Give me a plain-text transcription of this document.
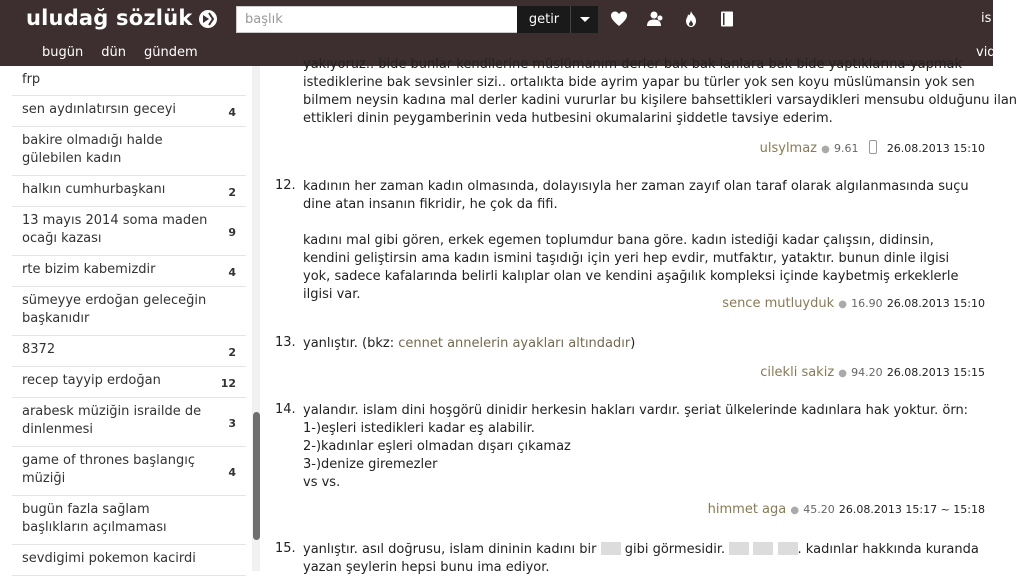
uludağ sözlük
başlık	getir	is
bugün dün gündem	vid
frp
sen aydınlatırsın geceyi	4
bakire olmadığı halde gülebilen kadın
halkın cumhurbaşkanı	2
13 mayıs 2014 soma maden ocağı kazası	9
rte bizim kabemizdir	4
sümeyye erdoğan geleceğin başkanıdır
8372	2
recep tayyip erdoğan	12
arabesk müziğin israilde de dinlenmesi	3
game of thrones başlangıç müziği	4
bugün fazla sağlam başlıkların açılmaması
sevdigimi pokemon kacirdi
yakıyoruz.. bide bunlar kendilerine müslümanım derler bak bak lanlara bak bide yaptıklarına-yapmak
istediklerine bak sevsinler sizi.. ortalıkta bide ayrim yapar bu türler yok sen koyu müslümansin yok sen
bilmem neysin kadına mal derler kadini vururlar bu kişilere bahsettikleri varsaydikleri mensubu olduğunu ilan
ettikleri dinin peygamberinin veda hutbesini okumalarini şiddetle tavsiye ederim.
ulsylmaz ● 9.61	26.08.2013 15:10
12. kadının her zaman kadın olmasında, dolayısıyla her zaman zayıf olan taraf olarak algılanmasında suçu dine atan insanın fikridir, he çok da fifi.

kadını mal gibi gören, erkek egemen toplumdur bana göre. kadın istediği kadar çalışsın, didinsin, kendini geliştirsin ama kadın ismini taşıdığı için yeri hep evdir, mutfaktır, yataktır. bunun dinle ilgisi yok, sadece kafalarında belirli kalıplar olan ve kendini aşağılık kompleksi içinde kaybetmiş erkeklerle ilgisi var.

sence mutluyduk ● 16.90 26.08.2013 15:10
13. yanlıştır. (bkz: cennet annelerin ayakları altındadır)
cilekli sakiz ● 94.20 26.08.2013 15:15
14. yalandır. islam dini hoşgörü dinidir herkesin hakları vardır. şeriat ülkelerinde kadınlara hak yoktur. örn:
1-)eşleri istedikleri kadar eş alabilir.
2-)kadınlar eşleri olmadan dışarı çıkamaz
3-)denize giremezler
vs vs.
himmet aga ● 45.20 26.08.2013 15:17 ~ 15:18
15. yanlıştır. asıl doğrusu, islam dininin kadını bir gibi görmesidir.	. kadınlar hakkında kuranda
yazan şeylerin hepsi bunu ima ediyor.
